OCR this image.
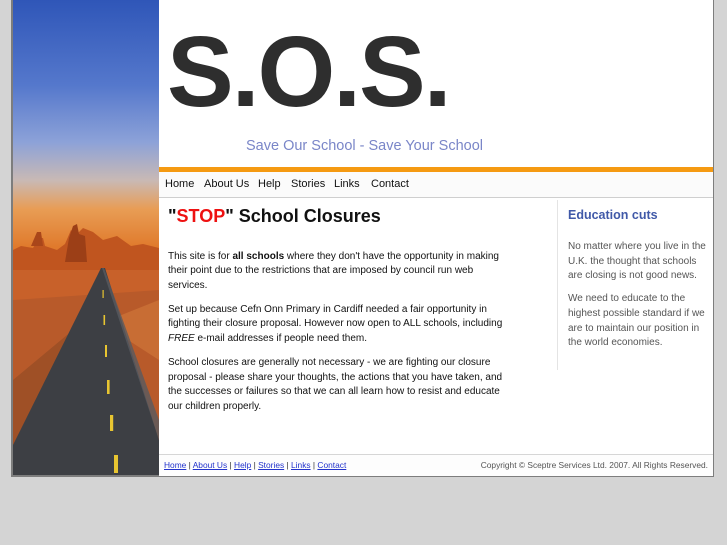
S.O.S.
Save Our School - Save Your School
Home About Us Help Stories Links Contact
"STOP" School Closures

This site is for all schools where they don't have the opportunity in making their point due to the restrictions that are imposed by council run web services.

Set up because Cefn Onn Primary in Cardiff needed a fair opportunity in fighting their closure proposal. However now open to ALL schools, including FREE e-mail addresses if people need them.

School closures are generally not necessary - we are fighting our closure proposal - please share your thoughts, the actions that you have taken, and the successes or failures so that we can all learn how to resist and educate our children properly.

Education cuts

No matter where you live in the U.K. the thought that schools are closing is not good news.

We need to educate to the highest possible standard if we are to maintain our position in the world economies.

Home | About Us | Help | Stories | Links | Contact	Copyright © Sceptre Services Ltd. 2007. All Rights Reserved.
